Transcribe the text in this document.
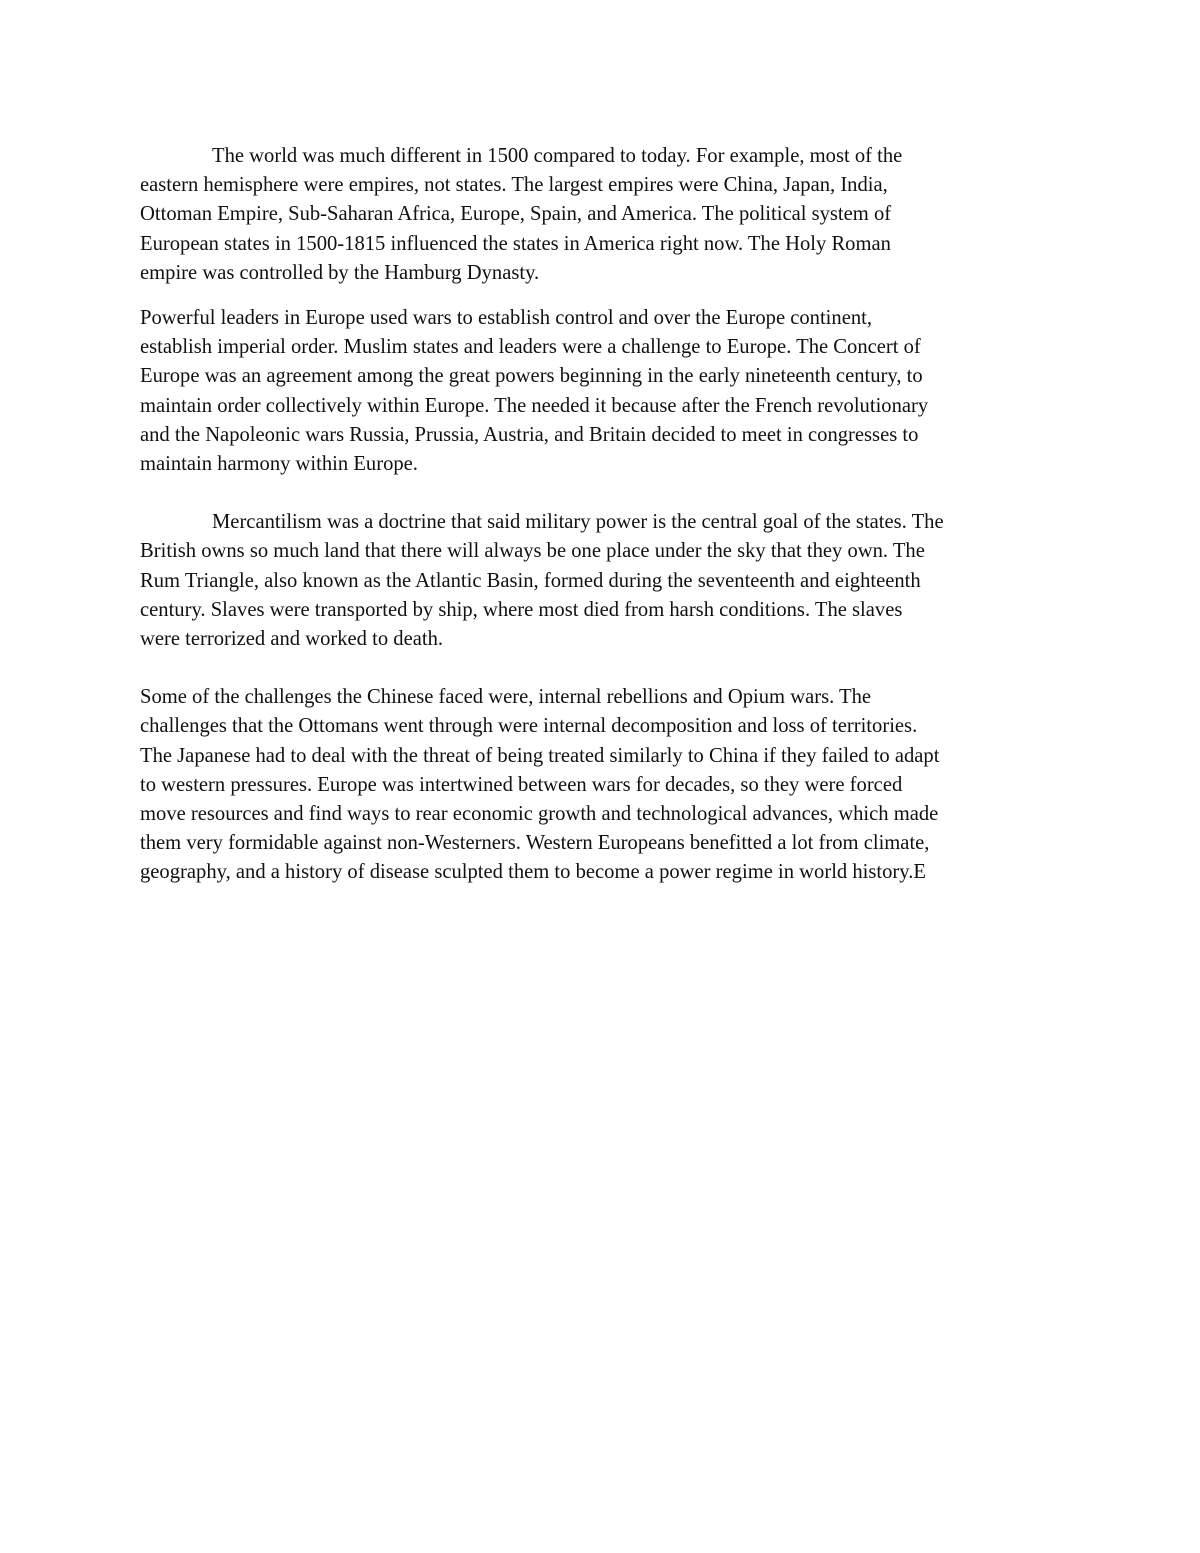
The world was much different in 1500 compared to today. For example, most of the
eastern hemisphere were empires, not states. The largest empires were China, Japan, India,
Ottoman Empire, Sub-Saharan Africa, Europe, Spain, and America. The political system of
European states in 1500-1815 influenced the states in America right now. The Holy Roman
empire was controlled by the Hamburg Dynasty.

Powerful leaders in Europe used wars to establish control and over the Europe continent,
establish imperial order. Muslim states and leaders were a challenge to Europe. The Concert of
Europe was an agreement among the great powers beginning in the early nineteenth century, to
maintain order collectively within Europe. The needed it because after the French revolutionary
and the Napoleonic wars Russia, Prussia, Austria, and Britain decided to meet in congresses to
maintain harmony within Europe.

Mercantilism was a doctrine that said military power is the central goal of the states. The
British owns so much land that there will always be one place under the sky that they own. The
Rum Triangle, also known as the Atlantic Basin, formed during the seventeenth and eighteenth
century. Slaves were transported by ship, where most died from harsh conditions. The slaves
were terrorized and worked to death.

Some of the challenges the Chinese faced were, internal rebellions and Opium wars. The
challenges that the Ottomans went through were internal decomposition and loss of territories.
The Japanese had to deal with the threat of being treated similarly to China if they failed to adapt
to western pressures. Europe was intertwined between wars for decades, so they were forced
move resources and find ways to rear economic growth and technological advances, which made
them very formidable against non-Westerners. Western Europeans benefitted a lot from climate,
geography, and a history of disease sculpted them to become a power regime in world history.E
